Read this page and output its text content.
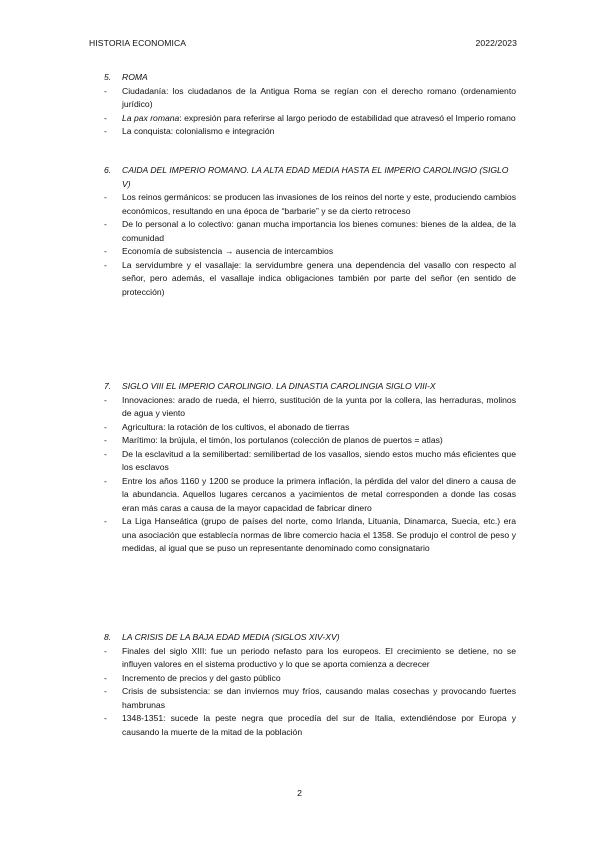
HISTORIA ECONOMICA	2022/2023

5. ROMA

- Ciudadanía: los ciudadanos de la Antigua Roma se regían con el derecho romano (ordenamiento jurídico)
- La pax romana: expresión para referirse al largo periodo de estabilidad que atravesó el Imperio romano
- La conquista: colonialismo e integración

6. CAIDA DEL IMPERIO ROMANO. LA ALTA EDAD MEDIA HASTA EL IMPERIO CAROLINGIO (SIGLO V)

- Los reinos germánicos: se producen las invasiones de los reinos del norte y este, produciendo cambios económicos, resultando en una época de “barbarie” y se da cierto retroceso
- De lo personal a lo colectivo: ganan mucha importancia los bienes comunes: bienes de la aldea, de la comunidad
- Economía de subsistencia → ausencia de intercambios
- La servidumbre y el vasallaje: la servidumbre genera una dependencia del vasallo con respecto al señor, pero además, el vasallaje indica obligaciones también por parte del señor (en sentido de protección)

7. SIGLO VIII EL IMPERIO CAROLINGIO. LA DINASTIA CAROLINGIA SIGLO VIII-X

- Innovaciones: arado de rueda, el hierro, sustitución de la yunta por la collera, las herraduras, molinos de agua y viento
- Agricultura: la rotación de los cultivos, el abonado de tierras
- Marítimo: la brújula, el timón, los portulanos (colección de planos de puertos = atlas)
- De la esclavitud a la semilibertad: semilibertad de los vasallos, siendo estos mucho más eficientes que los esclavos
- Entre los años 1160 y 1200 se produce la primera inflación, la pérdida del valor del dinero a causa de la abundancia. Aquellos lugares cercanos a yacimientos de metal corresponden a donde las cosas eran más caras a causa de la mayor capacidad de fabricar dinero
- La Liga Hanseática (grupo de países del norte, como Irlanda, Lituania, Dinamarca, Suecia, etc.) era una asociación que establecía normas de libre comercio hacia el 1358. Se produjo el control de peso y medidas, al igual que se puso un representante denominado como consignatario

8. LA CRISIS DE LA BAJA EDAD MEDIA (SIGLOS XIV-XV)

- Finales del siglo XIII: fue un periodo nefasto para los europeos. El crecimiento se detiene, no se influyen valores en el sistema productivo y lo que se aporta comienza a decrecer
- Incremento de precios y del gasto público
- Crisis de subsistencia: se dan inviernos muy fríos, causando malas cosechas y provocando fuertes hambrunas
- 1348-1351: sucede la peste negra que procedía del sur de Italia, extendiéndose por Europa y causando la muerte de la mitad de la población
2
